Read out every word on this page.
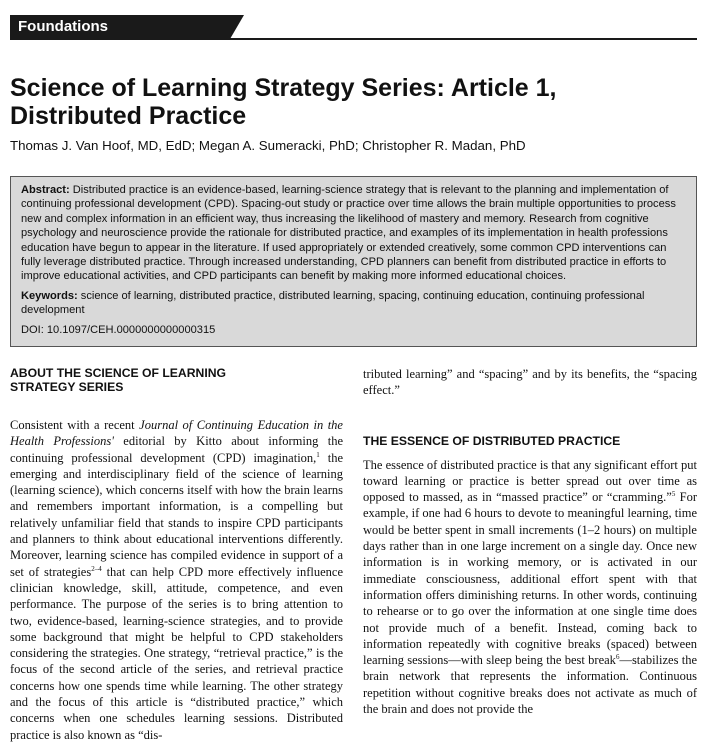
Foundations
Science of Learning Strategy Series: Article 1,
Distributed Practice
Thomas J. Van Hoof, MD, EdD; Megan A. Sumeracki, PhD; Christopher R. Madan, PhD

Abstract: Distributed practice is an evidence-based, learning-science strategy that is relevant to the planning and implementation of continuing professional development (CPD). Spacing-out study or practice over time allows the brain multiple opportunities to process new and complex information in an efficient way, thus increasing the likelihood of mastery and memory. Research from cognitive psychology and neuroscience provide the rationale for distributed practice, and examples of its implementation in health professions education have begun to appear in the literature. If used appropriately or extended creatively, some common CPD interventions can fully leverage distributed practice. Through increased understanding, CPD planners can benefit from distributed practice in efforts to improve educational activities, and CPD participants can benefit by making more informed educational choices.

Keywords: science of learning, distributed practice, distributed learning, spacing, continuing education, continuing professional development

DOI: 10.1097/CEH.0000000000000315

ABOUT THE SCIENCE OF LEARNING
STRATEGY SERIES

Consistent with a recent Journal of Continuing Education in the Health Professions' editorial by Kitto about informing the continuing professional development (CPD) imagination,$^1$ the emerging and interdisciplinary field of the science of learning (learning science), which concerns itself with how the brain learns and remembers important information, is a compelling but relatively unfamiliar field that stands to inspire CPD participants and planners to think about educational interventions differently. Moreover, learning science has compiled evidence in support of a set of strategies$^{2-4}$ that can help CPD more effectively influence clinician knowledge, skill, attitude, competence, and even performance. The purpose of the series is to bring attention to two, evidence-based, learning-science strategies, and to provide some background that might be helpful to CPD stakeholders considering the strategies. One strategy, “retrieval practice,” is the focus of the second article of the series, and retrieval practice concerns how one spends time while learning. The other strategy and the focus of this article is “distributed practice,” which concerns when one schedules learning sessions. Distributed practice is also known as “dis-

tributed learning” and “spacing” and by its benefits, the “spacing effect.”

THE ESSENCE OF DISTRIBUTED PRACTICE

The essence of distributed practice is that any significant effort put toward learning or practice is better spread out over time as opposed to massed, as in “massed practice” or “cramming.”$^5$ For example, if one had 6 hours to devote to meaningful learning, time would be better spent in small increments (1–2 hours) on multiple days rather than in one large increment on a single day. Once new information is in working memory, or is activated in our immediate consciousness, additional effort spent with that information offers diminishing returns. In other words, continuing to rehearse or to go over the information at one single time does not provide much of a benefit. Instead, coming back to information repeatedly with cognitive breaks (spaced) between learning sessions—with sleep being the best break$^6$—stabilizes the brain network that represents the information. Continuous repetition without cognitive breaks does not activate as much of the brain and does not provide the
